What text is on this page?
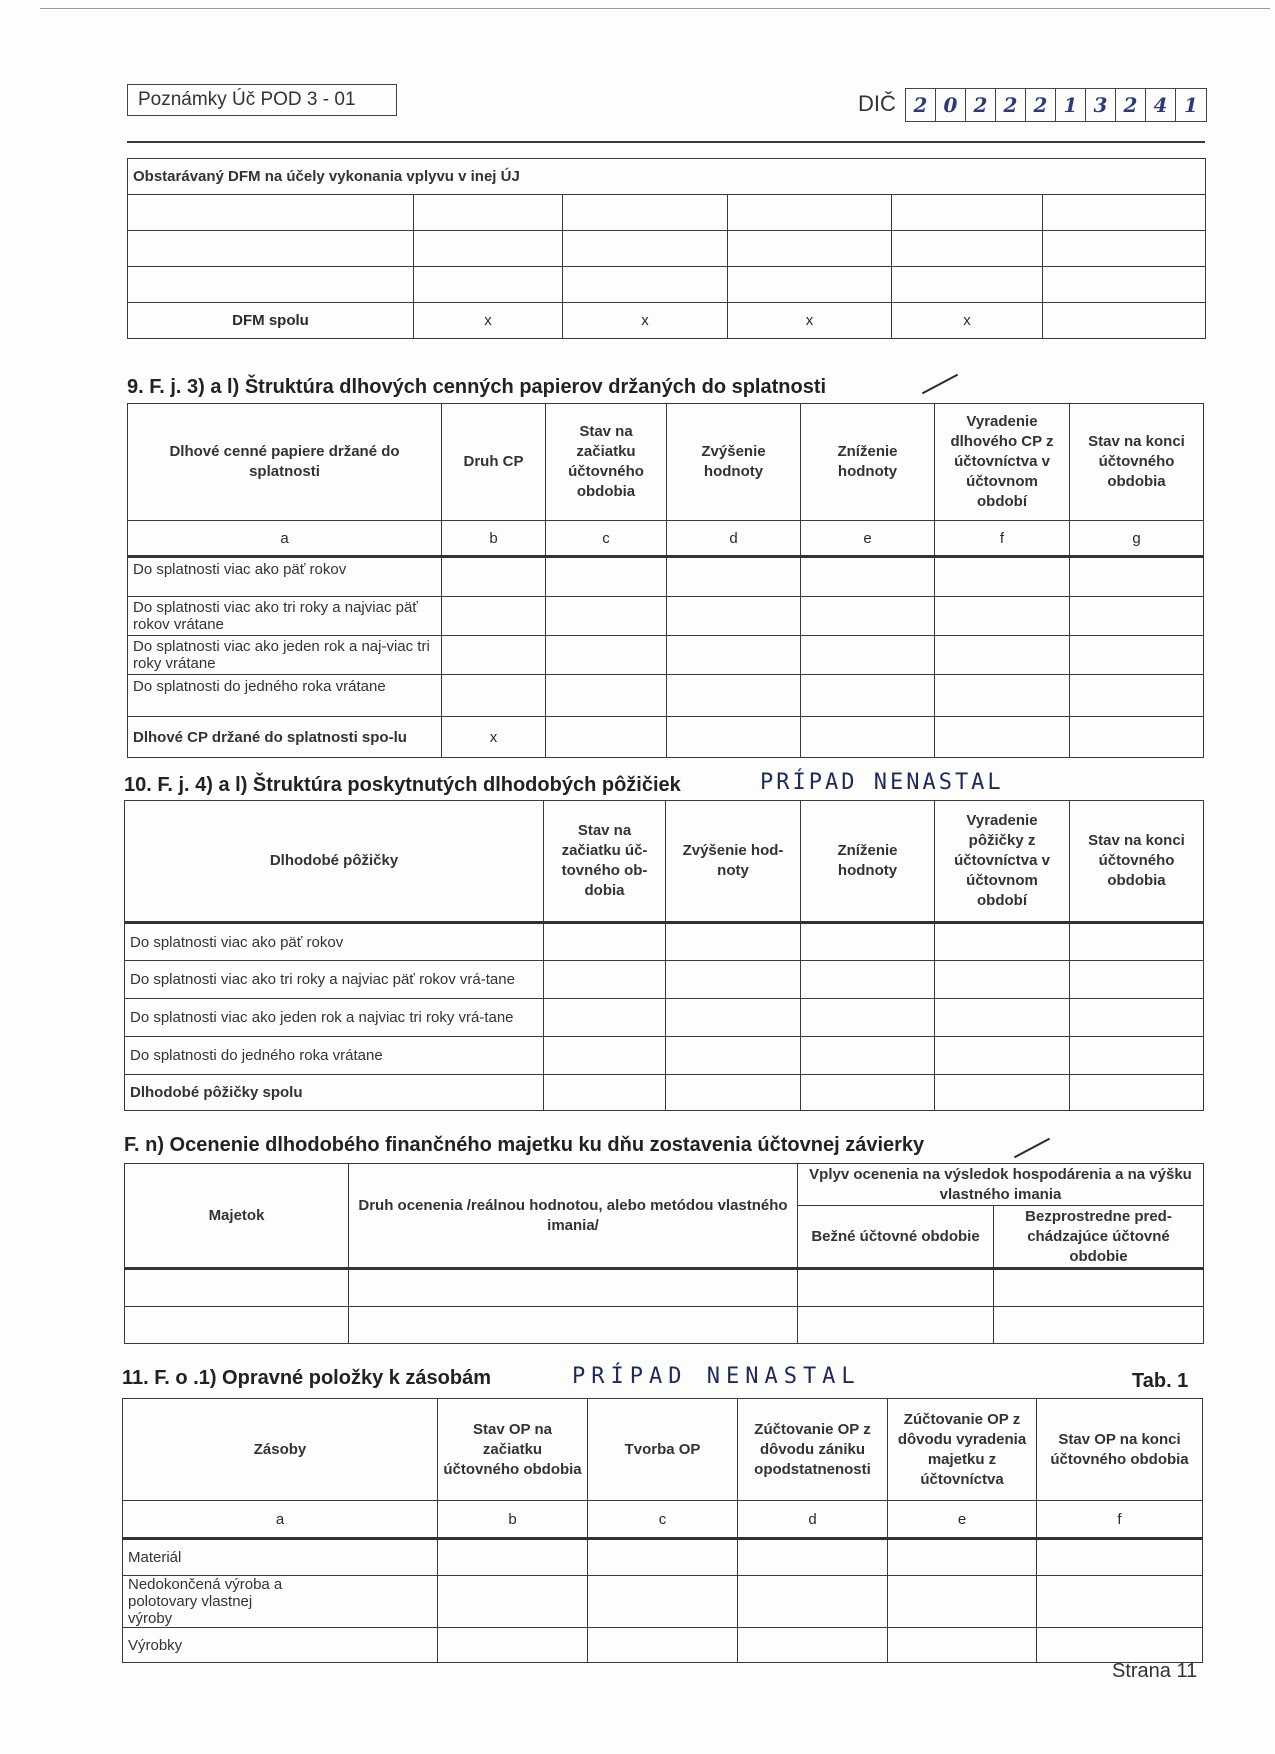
Poznámky Úč POD 3 - 01	DIČ 2 0 2 2 2 1 3 2 4 1
Obstarávaný DFM na účely vykonania vplyvu v inej ÚJ					

DFM spolu	x	x	x	x	
9. F. j. 3) a l) Štruktúra dlhových cenných papierov držaných do splatnosti
Dlhové cenné papiere držané do splatnosti	Druh CP	Stav na začiatku účtovného obdobia	Zvýšenie hodnoty	Zníženie hodnoty	Vyradenie dlhového CP z účtovníctva v účtovnom období	Stav na konci účtovného obdobia
a	b	c	d	e	f	g
Do splatnosti viac ako päť rokov						
Do splatnosti viac ako tri roky a najviac päť rokov vrátane						
Do splatnosti viac ako jeden rok a naj-viac tri roky vrátane						
Do splatnosti do jedného roka vrátane						
Dlhové CP držané do splatnosti spo-lu	x					
10. F. j. 4) a l) Štruktúra poskytnutých dlhodobých pôžičiek	PRÍPAD NENASTAL
Dlhodobé pôžičky	Stav na začiatku úč-tovného ob-dobia	Zvýšenie hod-noty	Zníženie hodnoty	Vyradenie pôžičky z účtovníctva v účtovnom období	Stav na konci účtovného obdobia
Do splatnosti viac ako päť rokov					
Do splatnosti viac ako tri roky a najviac päť rokov vrá-tane					
Do splatnosti viac ako jeden rok a najviac tri roky vrá-tane					
Do splatnosti do jedného roka vrátane					
Dlhodobé pôžičky spolu					
F. n) Ocenenie dlhodobého finančného majetku ku dňu zostavenia účtovnej závierky
Majetok	Druh ocenenia /reálnou hodnotou, alebo metódou vlastného imania/	Vplyv ocenenia na výsledok hospodárenia a na výšku vlastného imania	
		Bežné účtovné obdobie	Bezprostredne pred-chádzajúce účtovné obdobie

11. F. o .1) Opravné položky k zásobám	PRÍPAD NENASTAL	Tab. 1
Zásoby	Stav OP na začiatku účtovného obdobia	Tvorba OP	Zúčtovanie OP z dôvodu zániku opodstatnenosti	Zúčtovanie OP z dôvodu vyradenia majetku z účtovníctva	Stav OP na konci účtovného obdobia
a	b	c	d	e	f
Materiál					
Nedokončená výroba a polotovary vlastnej výroby					
Výrobky					
Strana 11
